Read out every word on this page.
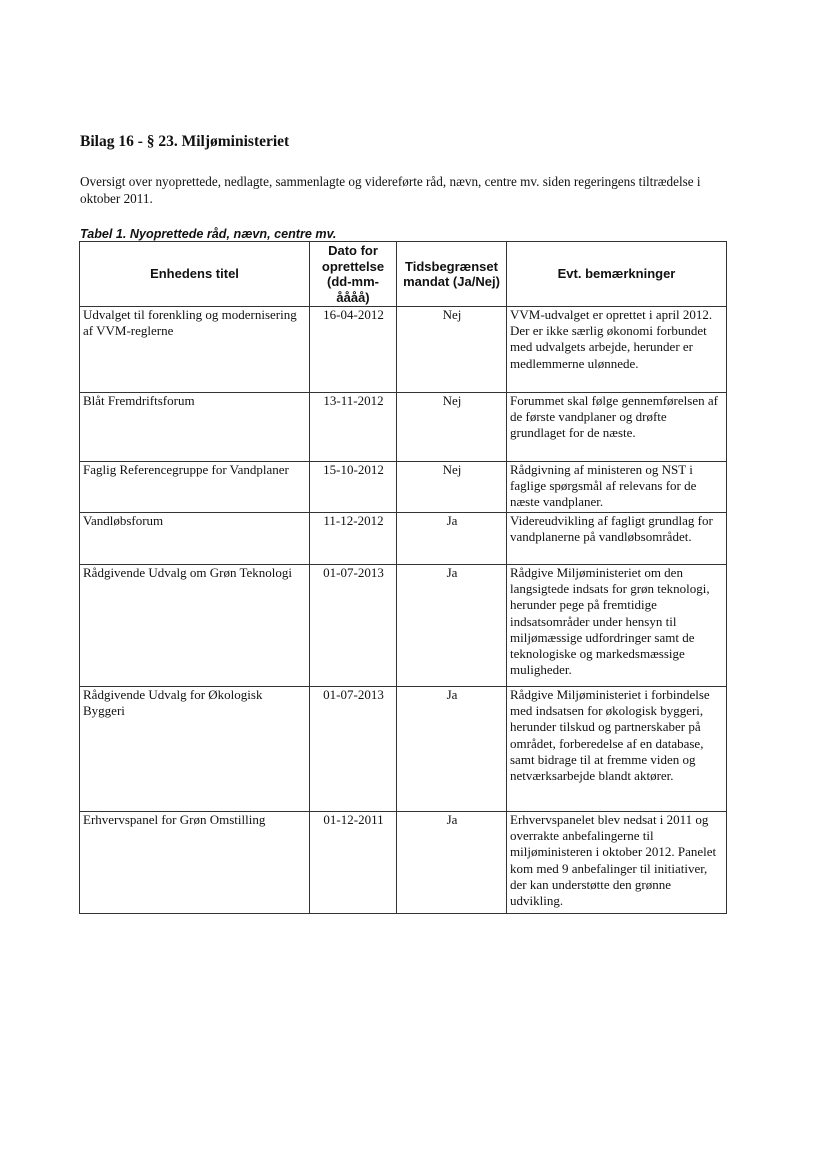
Bilag 16 - § 23. Miljøministeriet

Oversigt over nyoprettede, nedlagte, sammenlagte og videreførte råd, nævn, centre mv. siden regeringens tiltrædelse i oktober 2011.

Tabel 1. Nyoprettede råd, nævn, centre mv.

Enhedens titel	Dato for oprettelse (dd-mm-åååå)	Tidsbegrænset mandat (Ja/Nej)	Evt. bemærkninger
Udvalget til forenkling og modernisering af VVM-reglerne	16-04-2012	Nej	VVM-udvalget er oprettet i april 2012. Der er ikke særlig økonomi forbundet med udvalgets arbejde, herunder er medlemmerne ulønnede.
Blåt Fremdriftsforum	13-11-2012	Nej	Forummet skal følge gennemførelsen af de første vandplaner og drøfte grundlaget for de næste.
Faglig Referencegruppe for Vandplaner	15-10-2012	Nej	Rådgivning af ministeren og NST i faglige spørgsmål af relevans for de næste vandplaner.
Vandløbsforum	11-12-2012	Ja	Videreudvikling af fagligt grundlag for vandplanerne på vandløbsområdet.
Rådgivende Udvalg om Grøn Teknologi	01-07-2013	Ja	Rådgive Miljøministeriet om den langsigtede indsats for grøn teknologi, herunder pege på fremtidige indsatsområder under hensyn til miljømæssige udfordringer samt de teknologiske og markedsmæssige muligheder.
Rådgivende Udvalg for Økologisk Byggeri	01-07-2013	Ja	Rådgive Miljøministeriet i forbindelse med indsatsen for økologisk byggeri, herunder tilskud og partnerskaber på området, forberedelse af en database, samt bidrage til at fremme viden og netværksarbejde blandt aktører.
Erhvervspanel for Grøn Omstilling	01-12-2011	Ja	Erhvervspanelet blev nedsat i 2011 og overrakte anbefalingerne til miljøministeren i oktober 2012. Panelet kom med 9 anbefalinger til initiativer, der kan understøtte den grønne udvikling.
